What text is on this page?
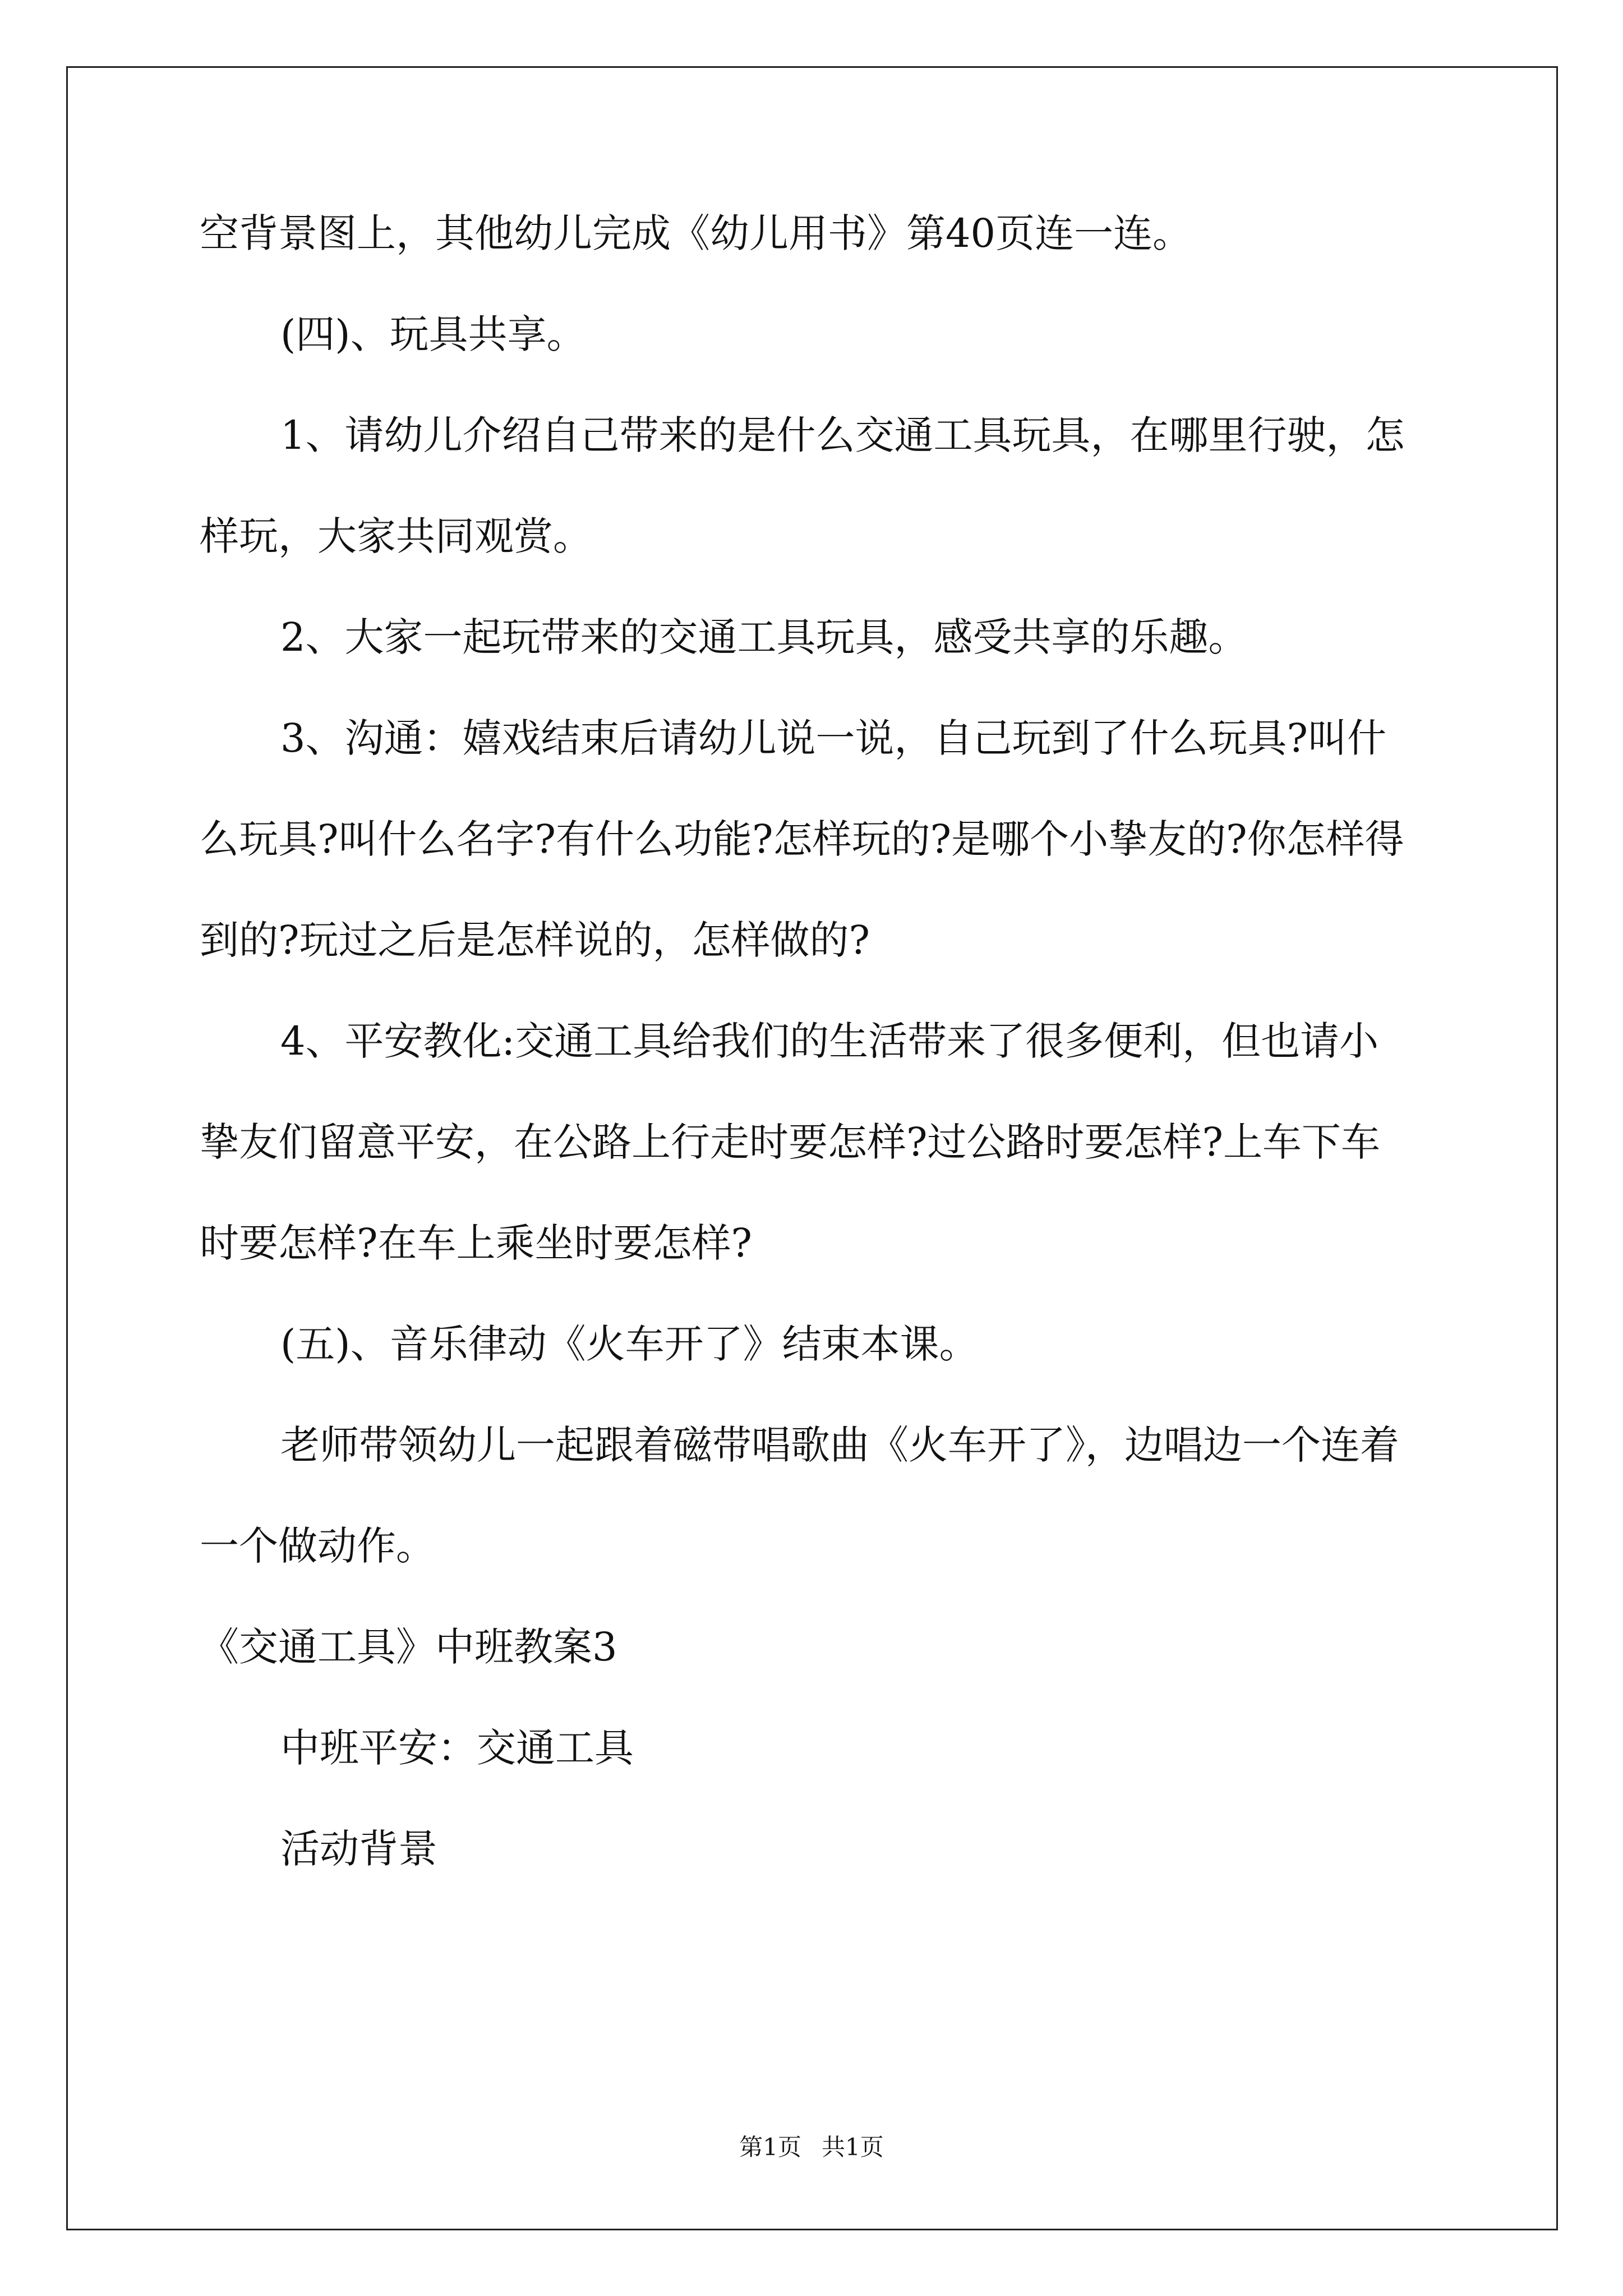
空背景图上，其他幼儿完成《幼儿用书》第40页连一连。
(四)、玩具共享。
1、请幼儿介绍自己带来的是什么交通工具玩具，在哪里行驶，怎
样玩，大家共同观赏。
2、大家一起玩带来的交通工具玩具，感受共享的乐趣。
3、沟通：嬉戏结束后请幼儿说一说，自己玩到了什么玩具?叫什
么玩具?叫什么名字?有什么功能?怎样玩的?是哪个小挚友的?你怎样得
到的?玩过之后是怎样说的，怎样做的?
4、平安教化:交通工具给我们的生活带来了很多便利，但也请小
挚友们留意平安，在公路上行走时要怎样?过公路时要怎样?上车下车
时要怎样?在车上乘坐时要怎样?
(五)、音乐律动《火车开了》结束本课。
老师带领幼儿一起跟着磁带唱歌曲《火车开了》，边唱边一个连着
一个做动作。
《交通工具》中班教案3
中班平安：交通工具
活动背景
第1页 共1页
